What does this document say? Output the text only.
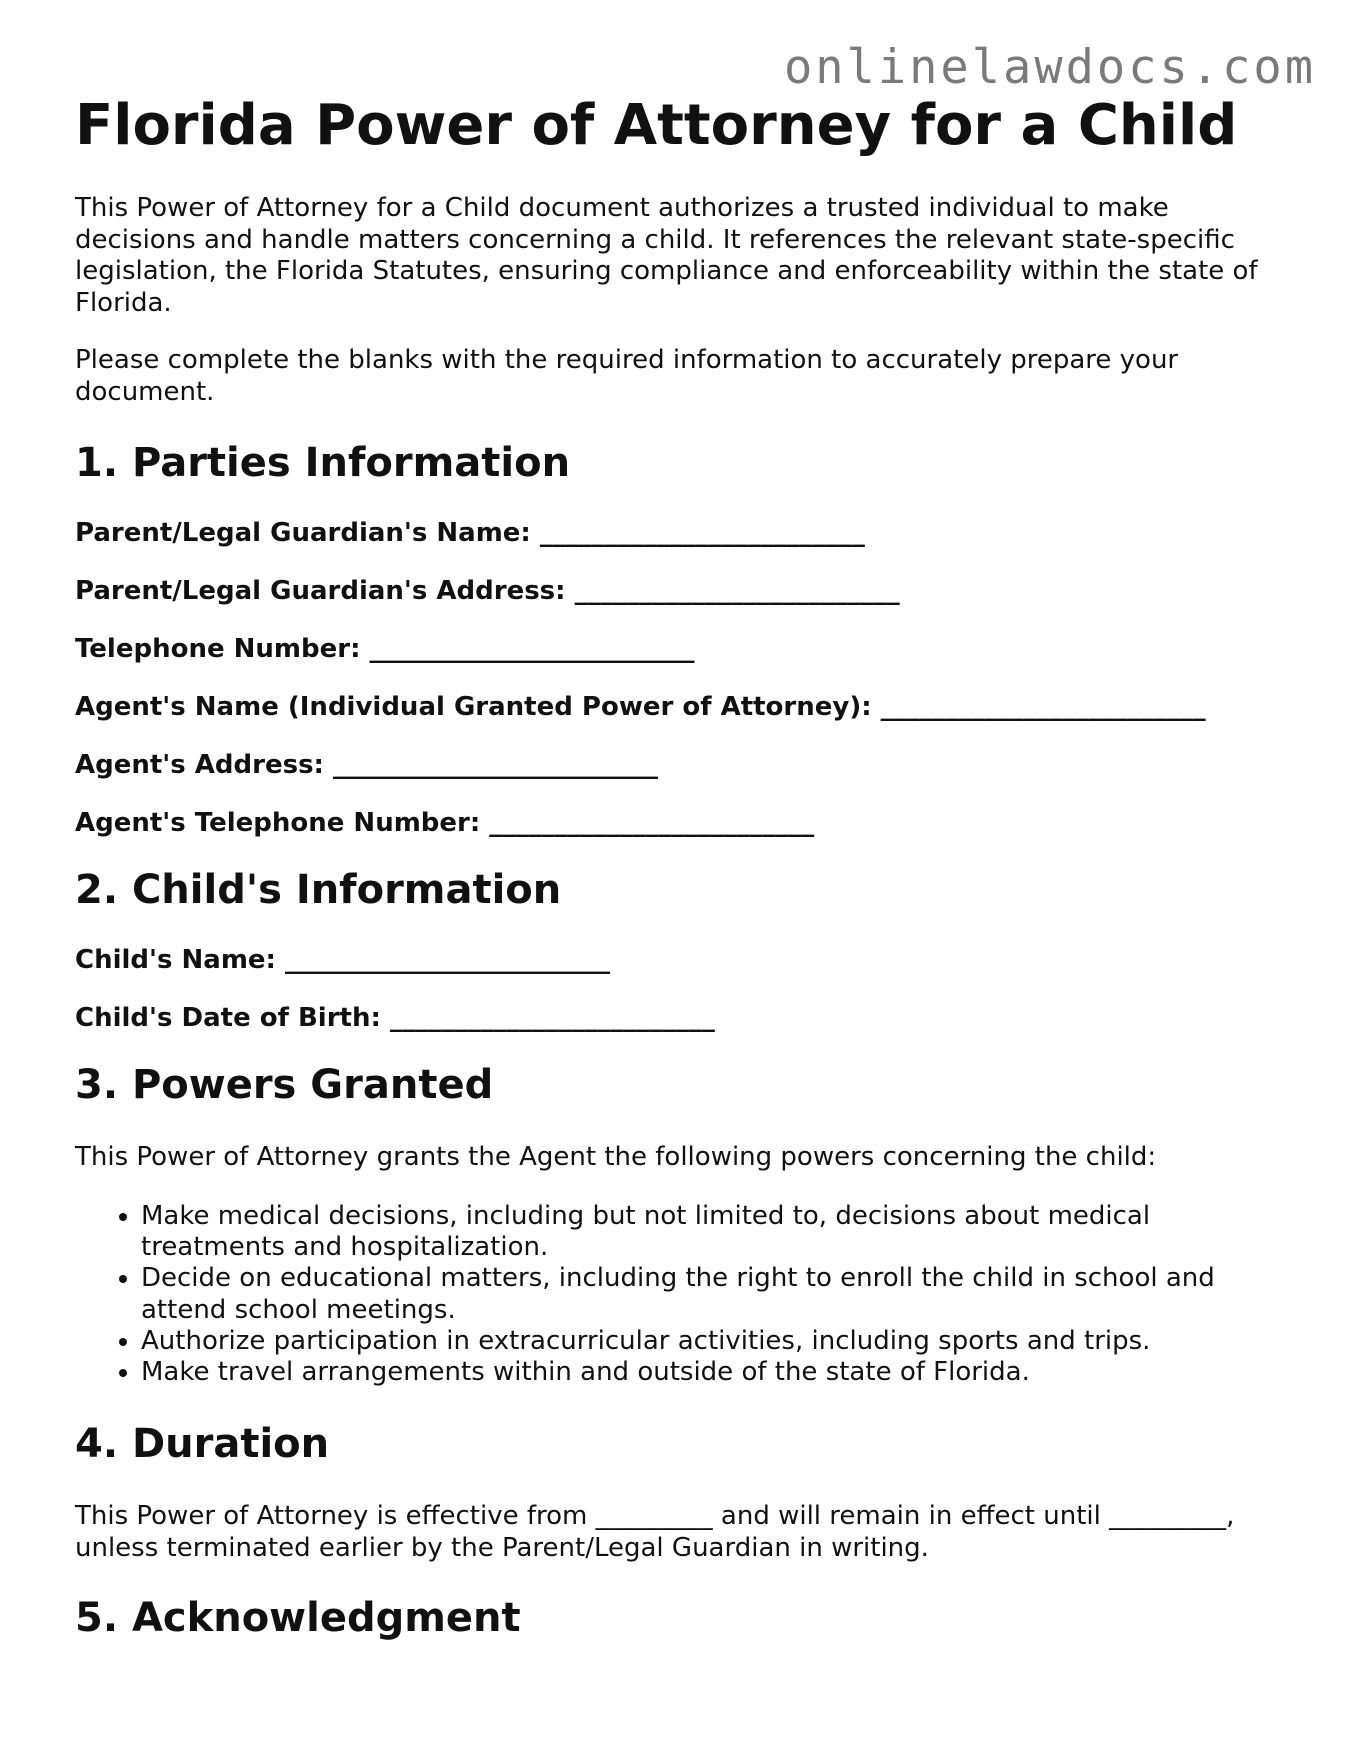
onlinelawdocs.com
Florida Power of Attorney for a Child

This Power of Attorney for a Child document authorizes a trusted individual to make decisions and handle matters concerning a child. It references the relevant state-specific legislation, the Florida Statutes, ensuring compliance and enforceability within the state of Florida.

Please complete the blanks with the required information to accurately prepare your document.

1. Parties Information

Parent/Legal Guardian's Name: _________________________

Parent/Legal Guardian's Address: _________________________

Telephone Number: _________________________

Agent's Name (Individual Granted Power of Attorney): _________________________

Agent's Address: _________________________

Agent's Telephone Number: _________________________

2. Child's Information

Child's Name: _________________________

Child's Date of Birth: _________________________

3. Powers Granted

This Power of Attorney grants the Agent the following powers concerning the child:

• Make medical decisions, including but not limited to, decisions about medical treatments and hospitalization.
• Decide on educational matters, including the right to enroll the child in school and attend school meetings.
• Authorize participation in extracurricular activities, including sports and trips.
• Make travel arrangements within and outside of the state of Florida.
4. Duration

This Power of Attorney is effective from _________ and will remain in effect until _________, unless terminated earlier by the Parent/Legal Guardian in writing.

5. Acknowledgment
